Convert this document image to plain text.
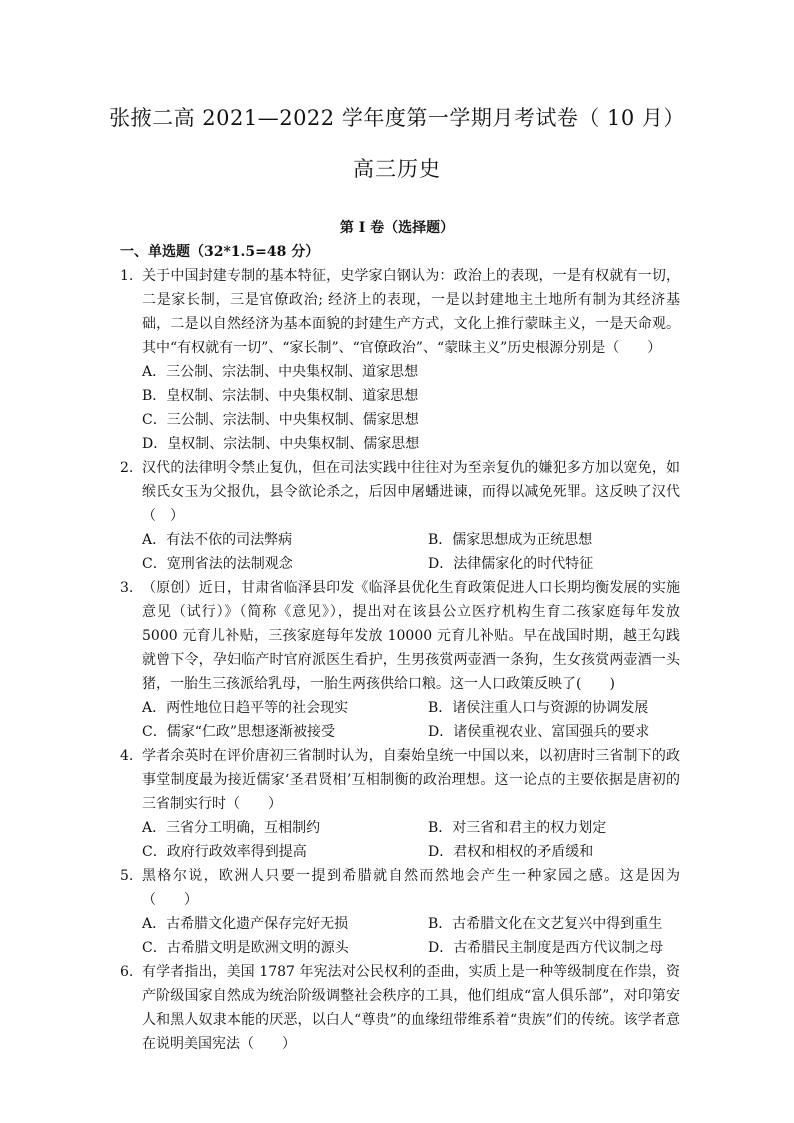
张掖二高 2021—2022 学年度第一学期月考试卷（ 10 月）
高三历史
第 I 卷（选择题）
一、单选题（32*1.5=48 分）
1. 关于中国封建专制的基本特征，史学家白钢认为：政治上的表现，一是有权就有一切，二是家长制，三是官僚政治; 经济上的表现，一是以封建地主土地所有制为其经济基础，二是以自然经济为基本面貌的封建生产方式，文化上推行蒙昧主义，一是天命观。其中“有权就有一切”、“家长制”、“官僚政治”、“蒙昧主义”历史根源分别是（　　）
A．三公制、宗法制、中央集权制、道家思想
B．皇权制、宗法制、中央集权制、道家思想
C．三公制、宗法制、中央集权制、儒家思想
D．皇权制、宗法制、中央集权制、儒家思想
2. 汉代的法律明令禁止复仇，但在司法实践中往往对为至亲复仇的嫌犯多方加以宽免，如缑氏女玉为父报仇，县令欲论杀之，后因申屠蟠进谏，而得以减免死罪。这反映了汉代（　）
A．有法不依的司法弊病	B．儒家思想成为正统思想
C．宽刑省法的法制观念	D．法律儒家化的时代特征
3. （原创）近日，甘肃省临泽县印发《临泽县优化生育政策促进人口长期均衡发展的实施意见（试行）》（简称《意见》），提出对在该县公立医疗机构生育二孩家庭每年发放 5000 元育儿补贴，三孩家庭每年发放 10000 元育儿补贴。早在战国时期，越王勾践就曾下令，孕妇临产时官府派医生看护，生男孩赏两壶酒一条狗，生女孩赏两壶酒一头猪，一胎生三孩派给乳母，一胎生两孩供给口粮。这一人口政策反映了(　　)
A．两性地位日趋平等的社会现实	B．诸侯注重人口与资源的协调发展
C．儒家“仁政”思想逐渐被接受	D．诸侯重视农业、富国强兵的要求
4. 学者余英时在评价唐初三省制时认为，自秦始皇统一中国以来，以初唐时三省制下的政事堂制度最为接近儒家‘圣君贤相’互相制衡的政治理想。这一论点的主要依据是唐初的三省制实行时（　　）
A．三省分工明确，互相制约	B．对三省和君主的权力划定
C．政府行政效率得到提高	D．君权和相权的矛盾缓和
5. 黑格尔说，欧洲人只要一提到希腊就自然而然地会产生一种家园之感。这是因为（　　）
A．古希腊文化遗产保存完好无损	B．古希腊文化在文艺复兴中得到重生
C．古希腊文明是欧洲文明的源头	D．古希腊民主制度是西方代议制之母
6. 有学者指出，美国 1787 年宪法对公民权利的歪曲，实质上是一种等级制度在作祟，资产阶级国家自然成为统治阶级调整社会秩序的工具，他们组成“富人俱乐部”，对印第安人和黑人奴隶本能的厌恶，以白人“尊贵”的血缘纽带维系着“贵族”们的传统。该学者意在说明美国宪法（　　）
